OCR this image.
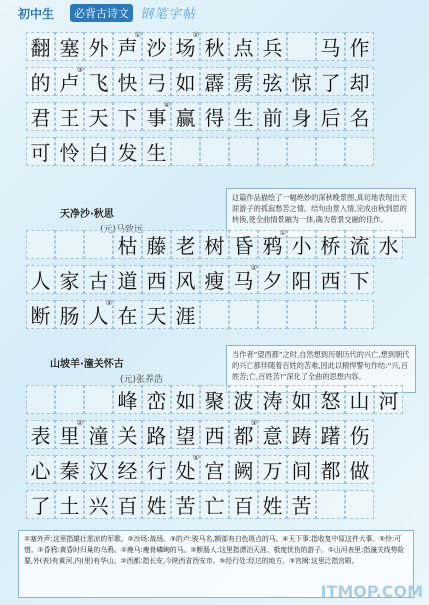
初中生	必背古诗文 钢笔字帖
翻 塞 外 声
①
沙 场
②
秋 点 兵 马 作
的 卢
③
飞 快 弓 如 霹 雳 弦 惊 了 却
君 王 天 下 事
④
赢 得 生 前 身 后 名
可 怜 白 发 生
天净沙·秋思
(元)马致远
这篇作品描绘了一幅绝妙的深秋晚景图,真切地表现出天涯游子的孤寂愁苦之情。结句由景入情,完成由秋到思的转换,使全曲情景融为一体,确为曾景交融的佳作。
枯 藤 老 树 昏 鸦
①
小 桥 流 水
人 家 古 道 西 风 瘦 马
②
夕 阳 西 下
断 肠 人
③
在 天 涯
山坡羊·潼关怀古
(元)张养浩
当作者“望西都”之时,自然想到历朝历代的兴亡,想到朝代的兴亡都伴随着百姓的苦难,因此以精悍警句作结:“兴,百姓苦;亡,百姓苦!”深化了全曲的思想内容。
峰 峦 如 聚 波 涛 如 怒 山 河
表 里
②
潼 关 路 望 西 都
③
意 踌 躇 伤
心 秦 汉 经 行 处
⑤
宫 阙 万 间 都 做
了 土 兴 百 姓 苦 亡 百 姓 苦
①塞外声:这里指雄壮悲凉的军歌。②沙场:战场。③的卢:骏马名,额部有白色斑点的马。④天下事:指收复中原这件大事。⑤怜:可惜。①昏鸦:黄昏时归巢的乌鸦。②瘦马:瘦骨嶙峋的马。③断肠人:这里指漂泊天涯、极度忧伤的游子。①山河表里:指潼关线势险要,外(表)有黄河,内(里)有华山。②西都:指长安,今陕西省西安市。⑤经行处:经过的地方。③宫阙:这里泛指宫殿。
ITMOP.COM
